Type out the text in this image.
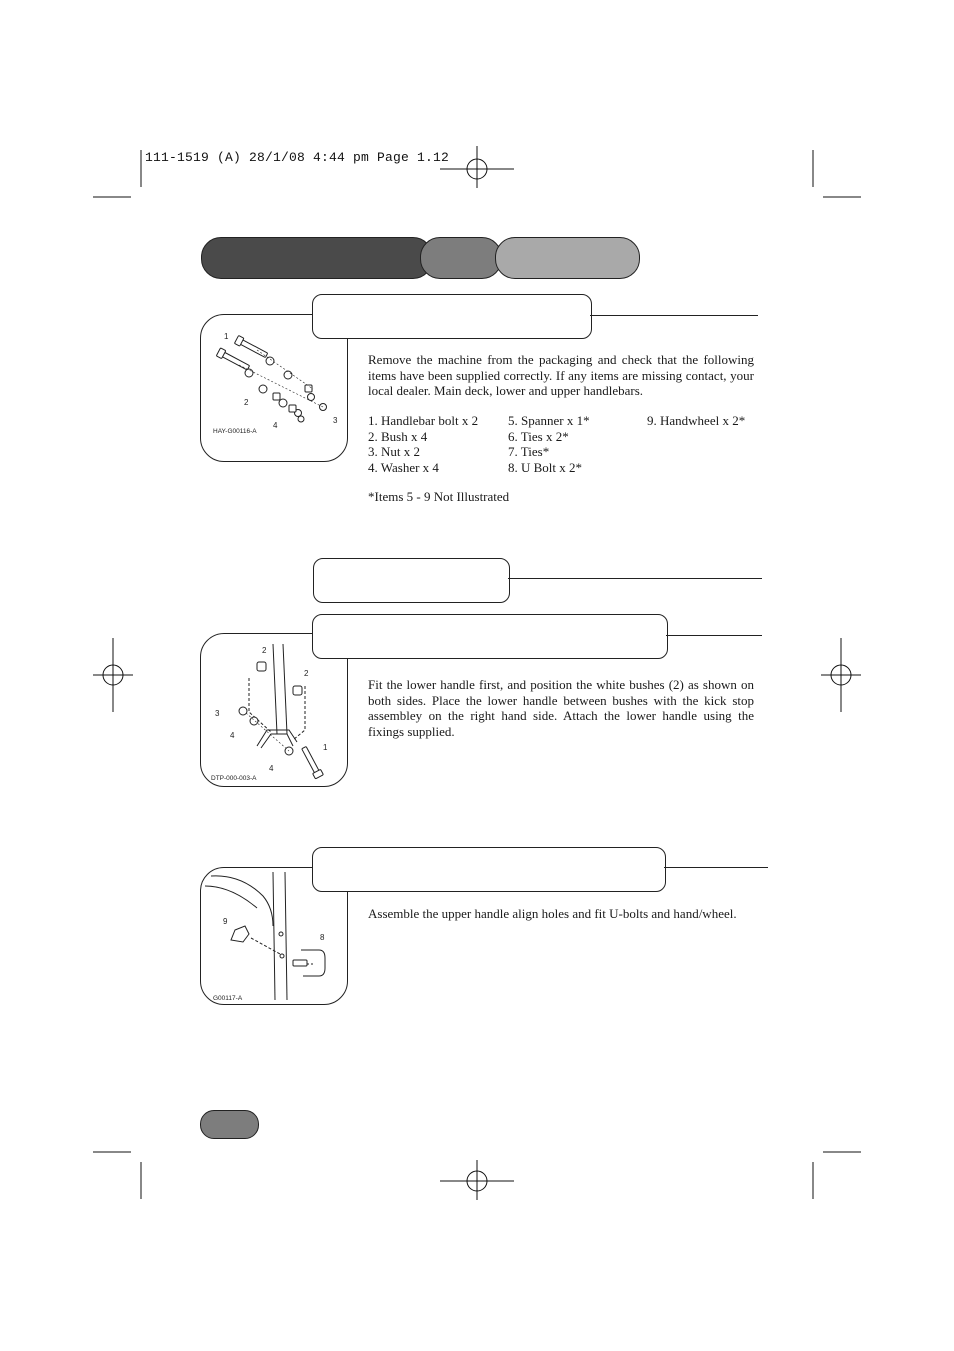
111-1519 (A) 28/1/08 4:44 pm Page 1.12
1
2
3
4
HAY-G00116-A

Remove the machine from the packaging and check that the following items have been supplied correctly. If any items are missing contact, your local dealer. Main deck, lower and upper handlebars.

1. Handlebar bolt x 2
2. Bush x 4
3. Nut x 2
4. Washer x 4
5. Spanner x 1*
6. Ties x 2*
7. Ties*
8. U Bolt x 2*
9. Handwheel x 2*
*Items 5 - 9 Not Illustrated
2
2
3
4
1
4
DTP-000-003-A

Fit the lower handle first, and position the white bushes (2) as shown on both sides. Place the lower handle between bushes with the kick stop assembley on the right hand side. Attach the lower handle using the fixings supplied.

9
8
G00117-A

Assemble the upper handle align holes and fit U-bolts and hand/wheel.
